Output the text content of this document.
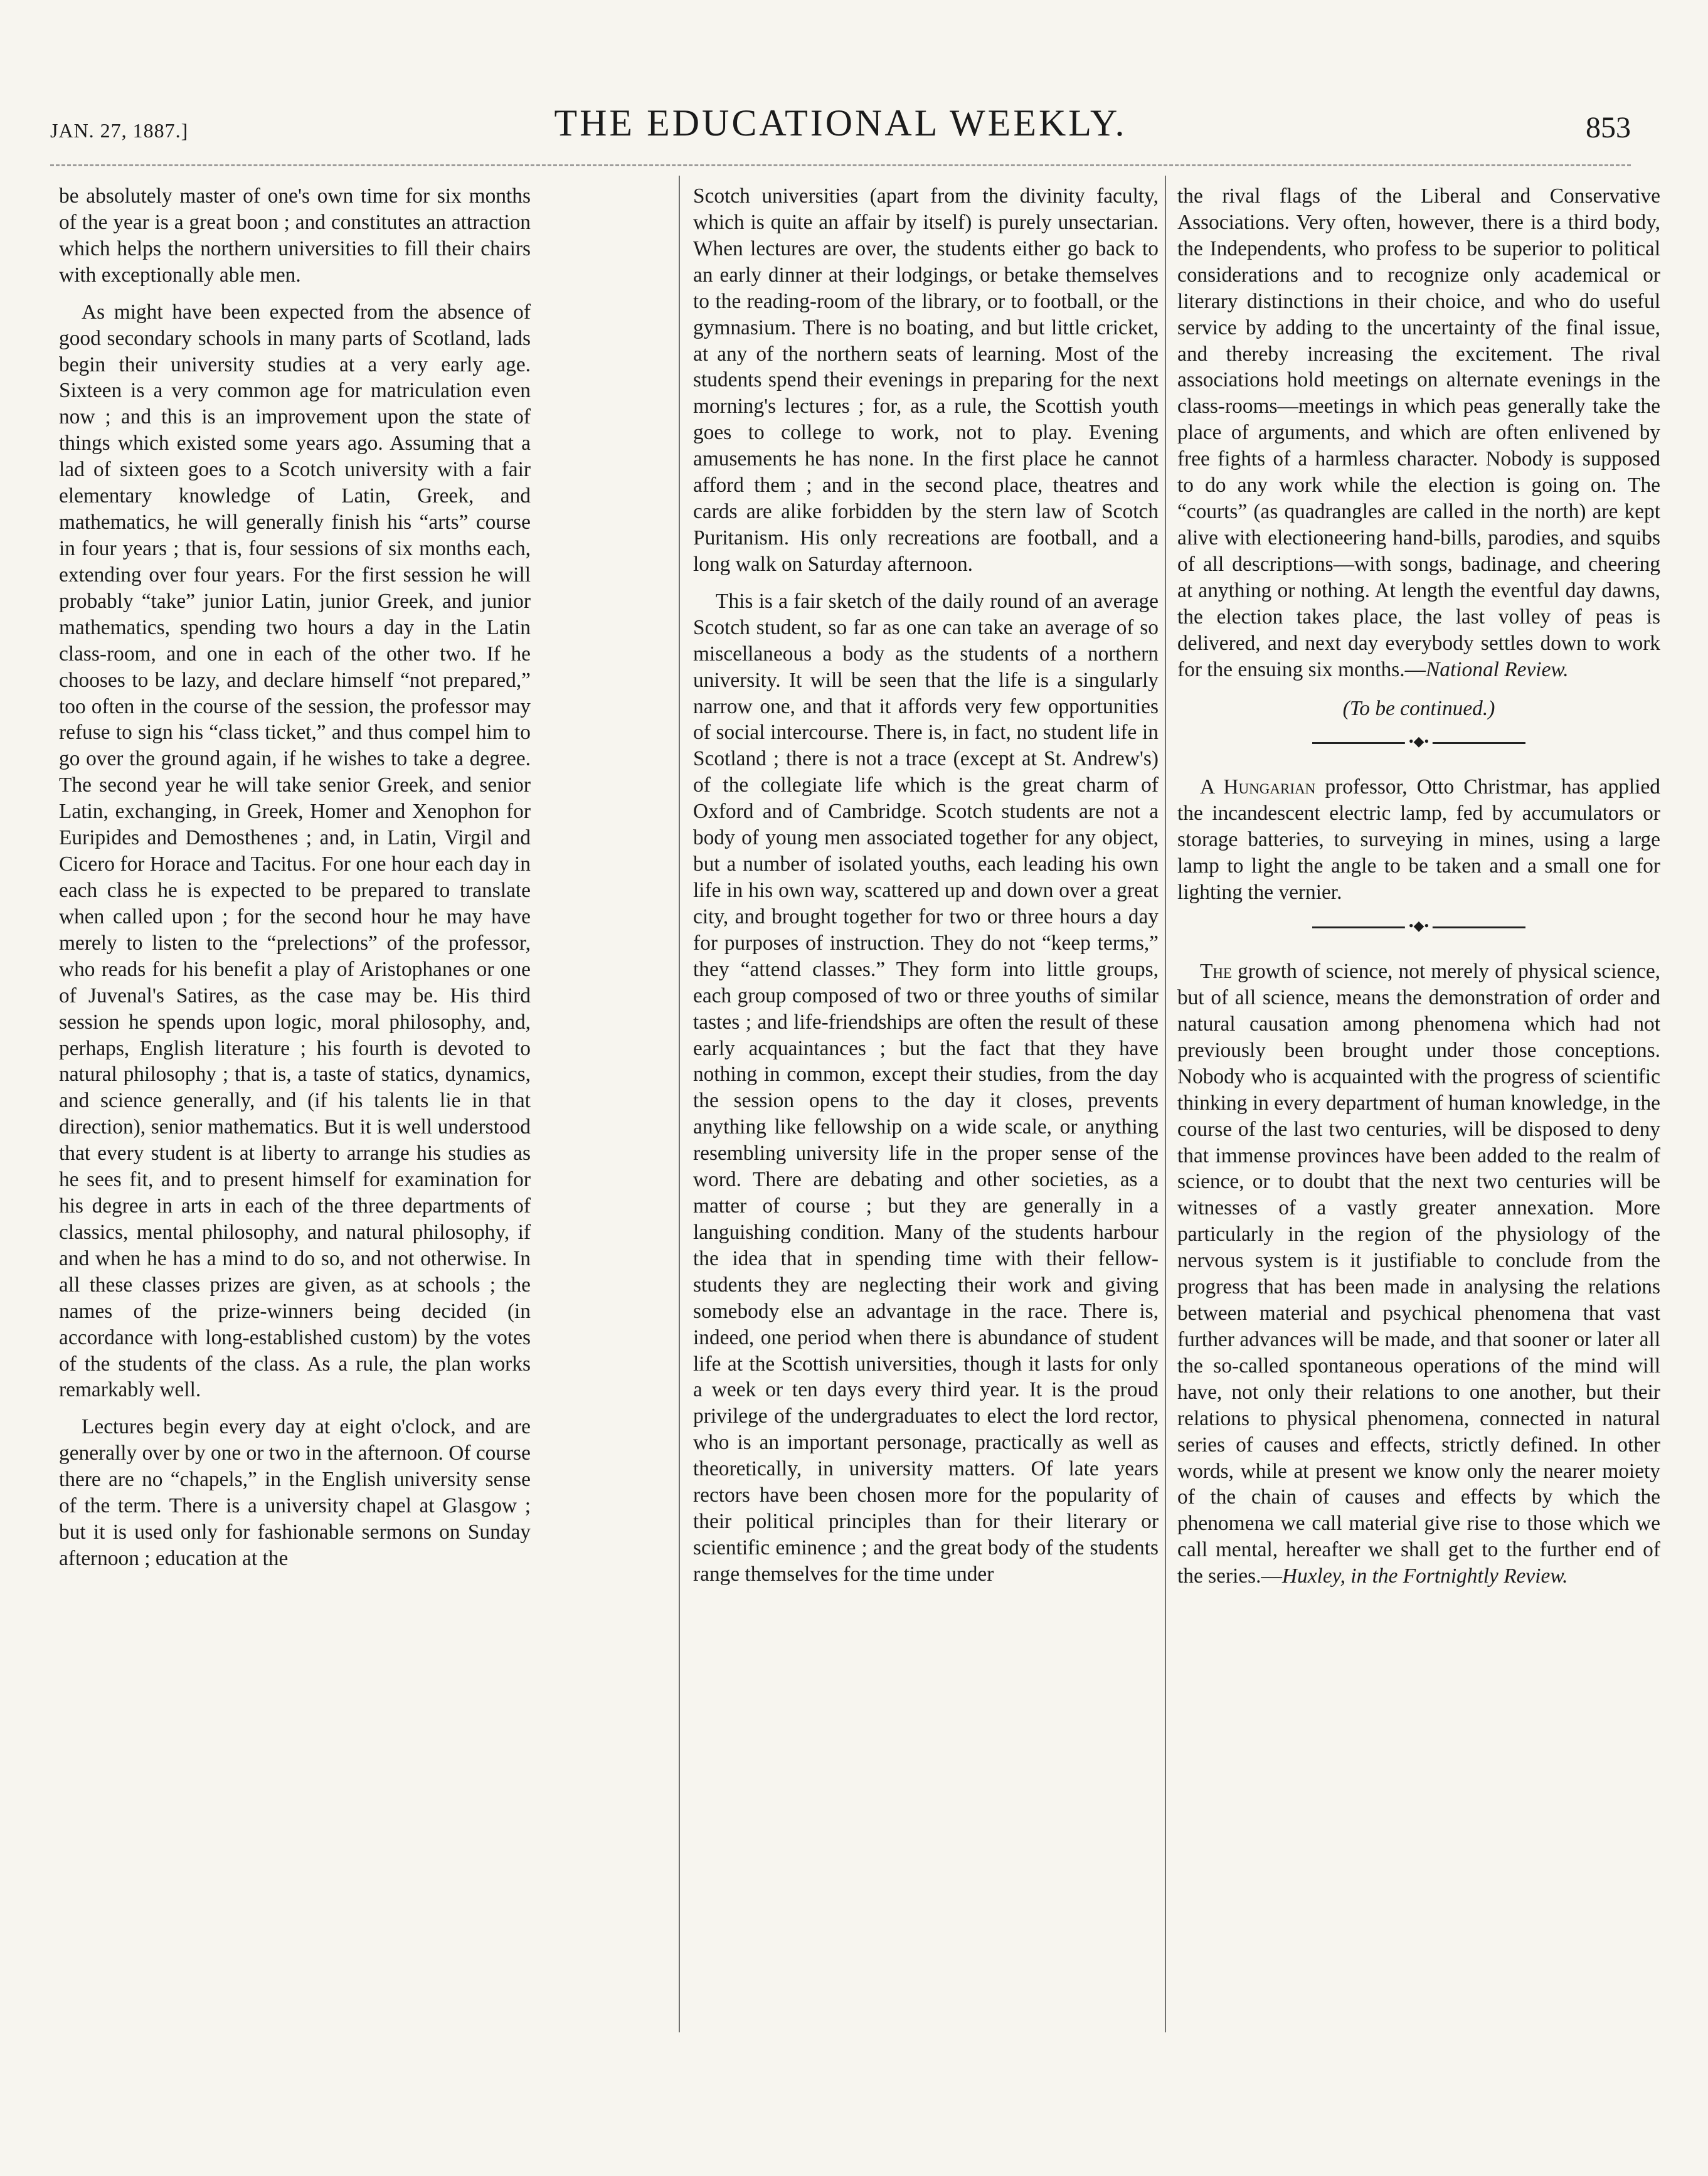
JAN. 27, 1887.]	THE EDUCATIONAL WEEKLY.	853

be absolutely master of one's own time for six months of the year is a great boon ; and constitutes an attraction which helps the northern universities to fill their chairs with exceptionally able men.

As might have been expected from the absence of good secondary schools in many parts of Scotland, lads begin their university studies at a very early age. Sixteen is a very common age for matriculation even now ; and this is an improvement upon the state of things which existed some years ago. Assuming that a lad of sixteen goes to a Scotch university with a fair elementary knowledge of Latin, Greek, and mathematics, he will generally finish his “arts” course in four years ; that is, four sessions of six months each, extending over four years. For the first session he will probably “take” junior Latin, junior Greek, and junior mathematics, spending two hours a day in the Latin class-room, and one in each of the other two. If he chooses to be lazy, and declare himself “not prepared,” too often in the course of the session, the professor may refuse to sign his “class ticket,” and thus compel him to go over the ground again, if he wishes to take a degree. The second year he will take senior Greek, and senior Latin, exchanging, in Greek, Homer and Xenophon for Euripides and Demosthenes ; and, in Latin, Virgil and Cicero for Horace and Tacitus. For one hour each day in each class he is expected to be prepared to translate when called upon ; for the second hour he may have merely to listen to the “prelections” of the professor, who reads for his benefit a play of Aristophanes or one of Juvenal's Satires, as the case may be. His third session he spends upon logic, moral philosophy, and, perhaps, English literature ; his fourth is devoted to natural philosophy ; that is, a taste of statics, dynamics, and science generally, and (if his talents lie in that direction), senior mathematics. But it is well understood that every student is at liberty to arrange his studies as he sees fit, and to present himself for examination for his degree in arts in each of the three departments of classics, mental philosophy, and natural philosophy, if and when he has a mind to do so, and not otherwise. In all these classes prizes are given, as at schools ; the names of the prize-winners being decided (in accordance with long-established custom) by the votes of the students of the class. As a rule, the plan works remarkably well.

Lectures begin every day at eight o'clock, and are generally over by one or two in the afternoon. Of course there are no “chapels,” in the English university sense of the term. There is a university chapel at Glasgow ; but it is used only for fashionable sermons on Sunday afternoon ; education at the

Scotch universities (apart from the divinity faculty, which is quite an affair by itself) is purely unsectarian. When lectures are over, the students either go back to an early dinner at their lodgings, or betake themselves to the reading-room of the library, or to football, or the gymnasium. There is no boating, and but little cricket, at any of the northern seats of learning. Most of the students spend their evenings in preparing for the next morning's lectures ; for, as a rule, the Scottish youth goes to college to work, not to play. Evening amusements he has none. In the first place he cannot afford them ; and in the second place, theatres and cards are alike forbidden by the stern law of Scotch Puritanism. His only recreations are football, and a long walk on Saturday afternoon.

This is a fair sketch of the daily round of an average Scotch student, so far as one can take an average of so miscellaneous a body as the students of a northern university. It will be seen that the life is a singularly narrow one, and that it affords very few opportunities of social intercourse. There is, in fact, no student life in Scotland ; there is not a trace (except at St. Andrew's) of the collegiate life which is the great charm of Oxford and of Cambridge. Scotch students are not a body of young men associated together for any object, but a number of isolated youths, each leading his own life in his own way, scattered up and down over a great city, and brought together for two or three hours a day for purposes of instruction. They do not “keep terms,” they “attend classes.” They form into little groups, each group composed of two or three youths of similar tastes ; and life-friendships are often the result of these early acquaintances ; but the fact that they have nothing in common, except their studies, from the day the session opens to the day it closes, prevents anything like fellowship on a wide scale, or anything resembling university life in the proper sense of the word. There are debating and other societies, as a matter of course ; but they are generally in a languishing condition. Many of the students harbour the idea that in spending time with their fellow-students they are neglecting their work and giving somebody else an advantage in the race. There is, indeed, one period when there is abundance of student life at the Scottish universities, though it lasts for only a week or ten days every third year. It is the proud privilege of the undergraduates to elect the lord rector, who is an important personage, practically as well as theoretically, in university matters. Of late years rectors have been chosen more for the popularity of their political principles than for their literary or scientific eminence ; and the great body of the students range themselves for the time under

the rival flags of the Liberal and Conservative Associations. Very often, however, there is a third body, the Independents, who profess to be superior to political considerations and to recognize only academical or literary distinctions in their choice, and who do useful service by adding to the uncertainty of the final issue, and thereby increasing the excitement. The rival associations hold meetings on alternate evenings in the class-rooms—meetings in which peas generally take the place of arguments, and which are often enlivened by free fights of a harmless character. Nobody is supposed to do any work while the election is going on. The “courts” (as quadrangles are called in the north) are kept alive with electioneering hand-bills, parodies, and squibs of all descriptions—with songs, badinage, and cheering at anything or nothing. At length the eventful day dawns, the election takes place, the last volley of peas is delivered, and next day everybody settles down to work for the ensuing six months.—National Review.

(To be continued.)
•◆•

A Hungarian professor, Otto Christmar, has applied the incandescent electric lamp, fed by accumulators or storage batteries, to surveying in mines, using a large lamp to light the angle to be taken and a small one for lighting the vernier.

•◆•

The growth of science, not merely of physical science, but of all science, means the demonstration of order and natural causation among phenomena which had not previously been brought under those conceptions. Nobody who is acquainted with the progress of scientific thinking in every department of human knowledge, in the course of the last two centuries, will be disposed to deny that immense provinces have been added to the realm of science, or to doubt that the next two centuries will be witnesses of a vastly greater annexation. More particularly in the region of the physiology of the nervous system is it justifiable to conclude from the progress that has been made in analysing the relations between material and psychical phenomena that vast further advances will be made, and that sooner or later all the so-called spontaneous operations of the mind will have, not only their relations to one another, but their relations to physical phenomena, connected in natural series of causes and effects, strictly defined. In other words, while at present we know only the nearer moiety of the chain of causes and effects by which the phenomena we call material give rise to those which we call mental, hereafter we shall get to the further end of the series.—Huxley, in the Fortnightly Review.
